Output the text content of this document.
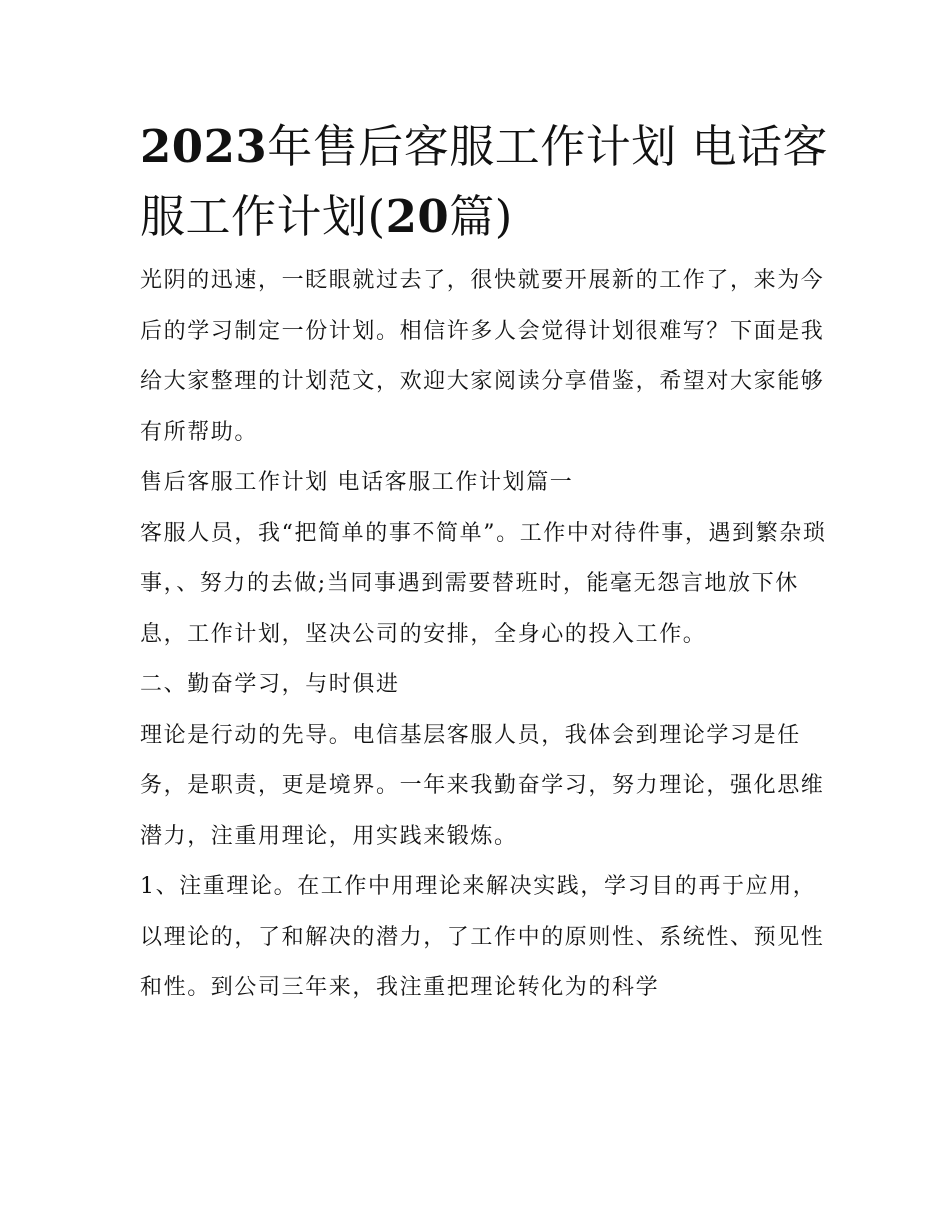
2023年售后客服工作计划 电话客服工作计划(20篇)

光阴的迅速，一眨眼就过去了，很快就要开展新的工作了，来为今后的学习制定一份计划。相信许多人会觉得计划很难写？下面是我给大家整理的计划范文，欢迎大家阅读分享借鉴，希望对大家能够有所帮助。

售后客服工作计划 电话客服工作计划篇一

客服人员，我“把简单的事不简单”。工作中对待件事，遇到繁杂琐事，、努力的去做;当同事遇到需要替班时，能毫无怨言地放下休息，工作计划，坚决公司的安排，全身心的投入工作。

二、勤奋学习，与时俱进

理论是行动的先导。电信基层客服人员，我体会到理论学习是任务，是职责，更是境界。一年来我勤奋学习，努力理论，强化思维潜力，注重用理论，用实践来锻炼。

1、注重理论。在工作中用理论来解决实践，学习目的再于应用，以理论的，了和解决的潜力，了工作中的原则性、系统性、预见性和性。到公司三年来，我注重把理论转化为的科学
